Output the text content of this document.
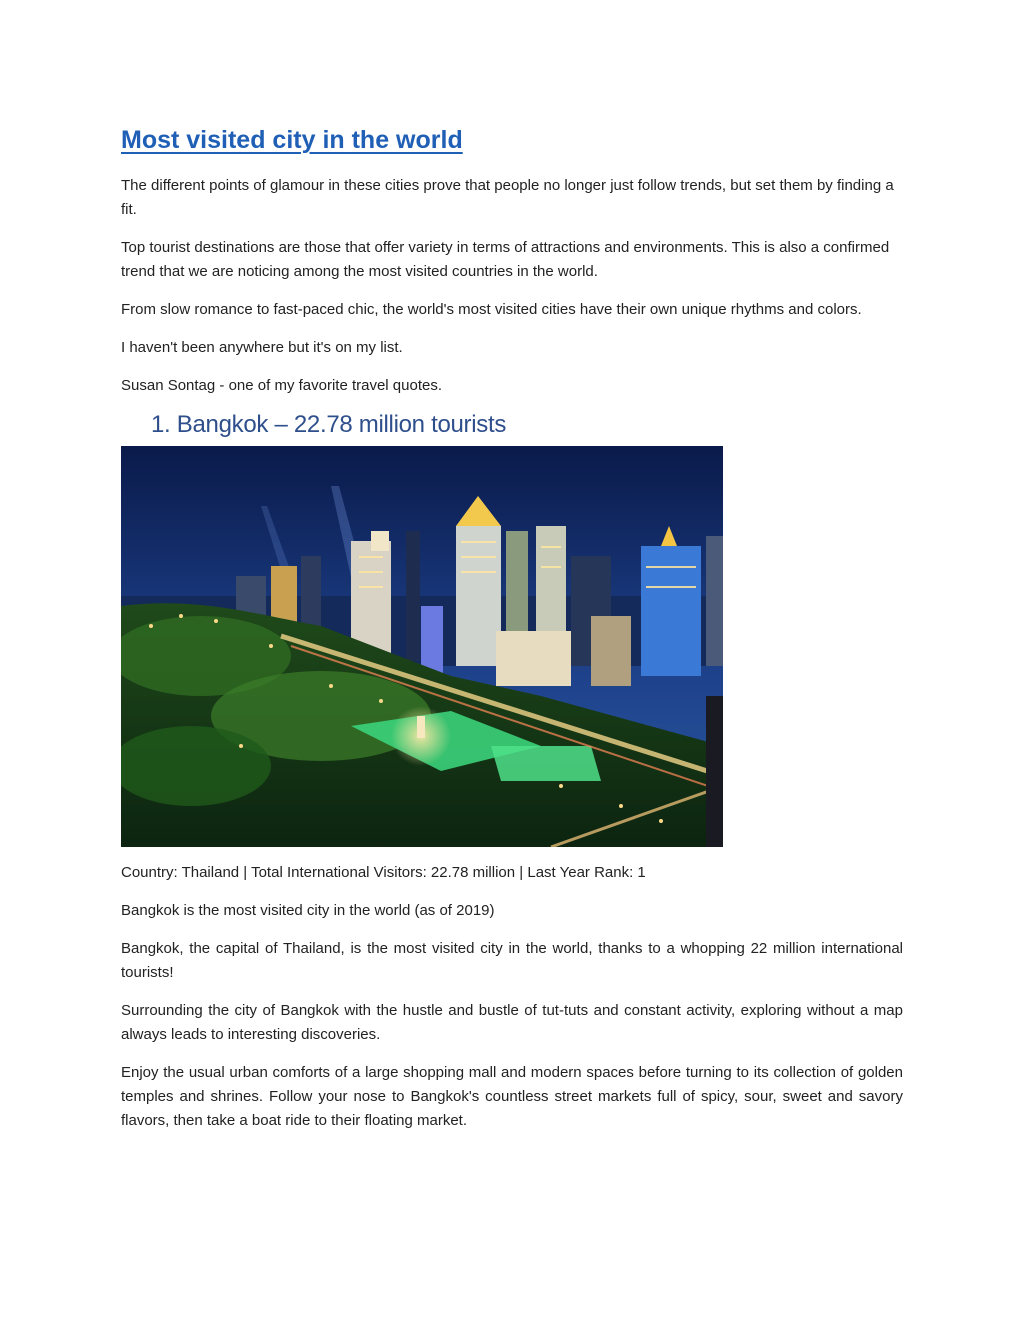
Most visited city in the world

The different points of glamour in these cities prove that people no longer just follow trends, but set them by finding a fit.

Top tourist destinations are those that offer variety in terms of attractions and environments. This is also a confirmed trend that we are noticing among the most visited countries in the world.

From slow romance to fast-paced chic, the world's most visited cities have their own unique rhythms and colors.

I haven't been anywhere but it's on my list.

Susan Sontag - one of my favorite travel quotes.

1. Bangkok – 22.78 million tourists

Country: Thailand | Total International Visitors: 22.78 million | Last Year Rank: 1

Bangkok is the most visited city in the world (as of 2019)

Bangkok, the capital of Thailand, is the most visited city in the world, thanks to a whopping 22 million international tourists!

Surrounding the city of Bangkok with the hustle and bustle of tut-tuts and constant activity, exploring without a map always leads to interesting discoveries.

Enjoy the usual urban comforts of a large shopping mall and modern spaces before turning to its collection of golden temples and shrines. Follow your nose to Bangkok's countless street markets full of spicy, sour, sweet and savory flavors, then take a boat ride to their floating market.
